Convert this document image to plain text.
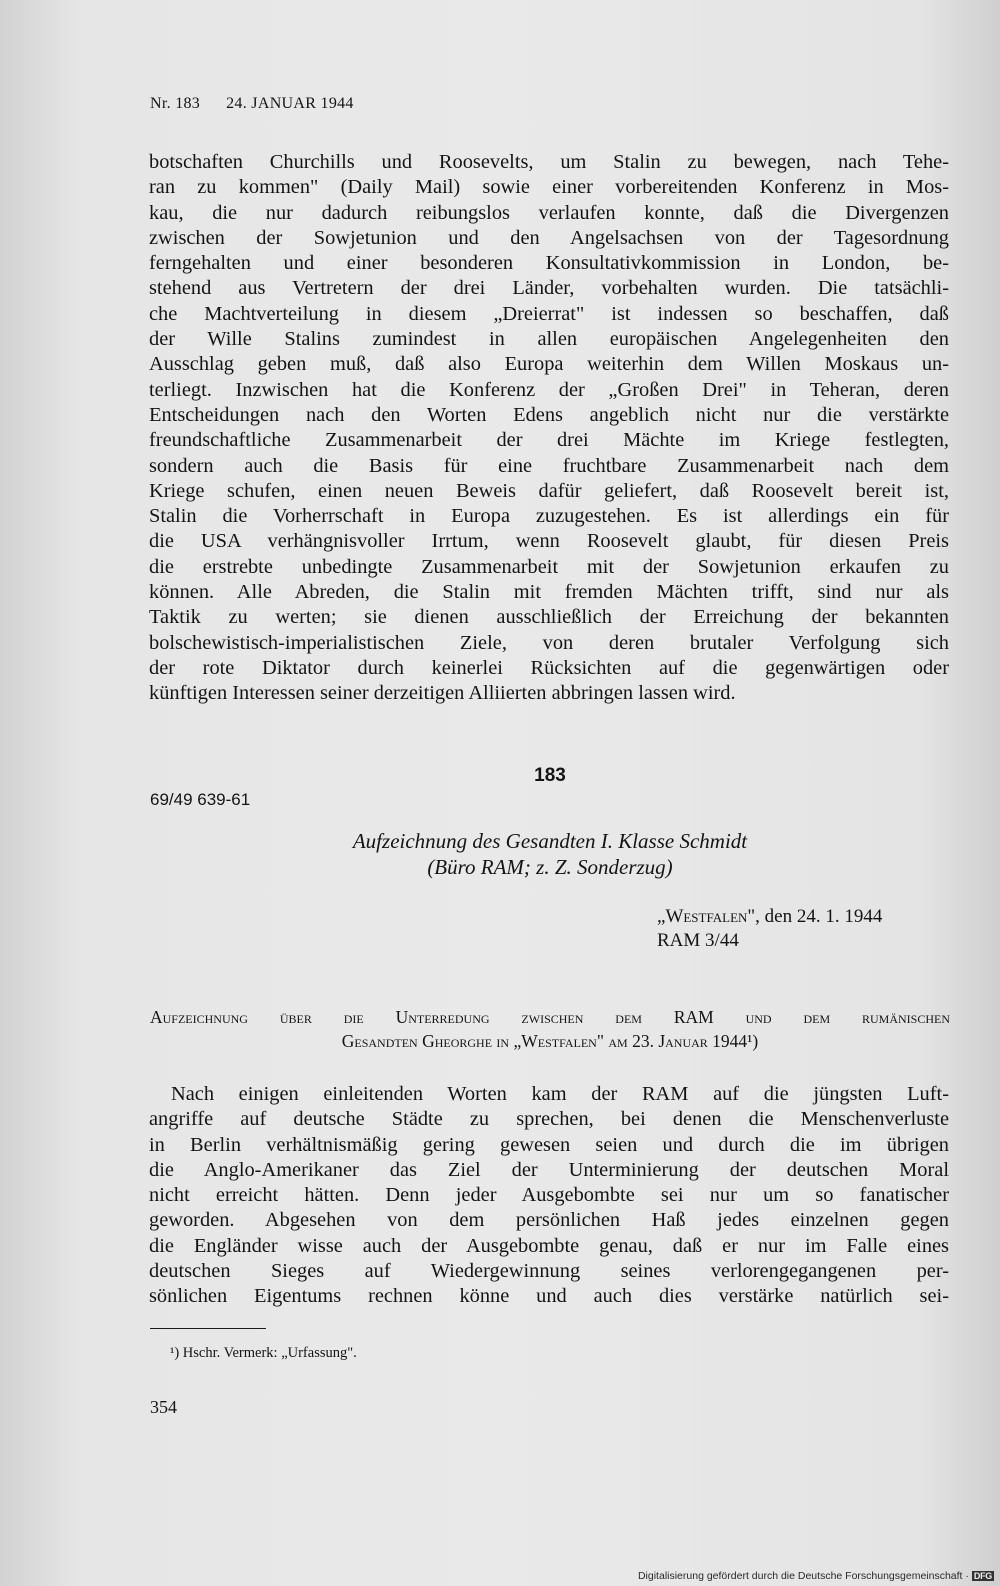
Nr. 183 24. JANUAR 1944
botschaften Churchills und Roosevelts, um Stalin zu bewegen, nach Tehe-
ran zu kommen" (Daily Mail) sowie einer vorbereitenden Konferenz in Mos-
kau, die nur dadurch reibungslos verlaufen konnte, daß die Divergenzen
zwischen der Sowjetunion und den Angelsachsen von der Tagesordnung
ferngehalten und einer besonderen Konsultativkommission in London, be-
stehend aus Vertretern der drei Länder, vorbehalten wurden. Die tatsächli-
che Machtverteilung in diesem „Dreierrat" ist indessen so beschaffen, daß
der Wille Stalins zumindest in allen europäischen Angelegenheiten den
Ausschlag geben muß, daß also Europa weiterhin dem Willen Moskaus un-
terliegt. Inzwischen hat die Konferenz der „Großen Drei" in Teheran, deren
Entscheidungen nach den Worten Edens angeblich nicht nur die verstärkte
freundschaftliche Zusammenarbeit der drei Mächte im Kriege festlegten,
sondern auch die Basis für eine fruchtbare Zusammenarbeit nach dem
Kriege schufen, einen neuen Beweis dafür geliefert, daß Roosevelt bereit ist,
Stalin die Vorherrschaft in Europa zuzugestehen. Es ist allerdings ein für
die USA verhängnisvoller Irrtum, wenn Roosevelt glaubt, für diesen Preis
die erstrebte unbedingte Zusammenarbeit mit der Sowjetunion erkaufen zu
können. Alle Abreden, die Stalin mit fremden Mächten trifft, sind nur als
Taktik zu werten; sie dienen ausschließlich der Erreichung der bekannten
bolschewistisch-imperialistischen Ziele, von deren brutaler Verfolgung sich
der rote Diktator durch keinerlei Rücksichten auf die gegenwärtigen oder
künftigen Interessen seiner derzeitigen Alliierten abbringen lassen wird.
183
69/49 639-61
Aufzeichnung des Gesandten I. Klasse Schmidt
(Büro RAM; z. Z. Sonderzug)
„Westfalen", den 24. 1. 1944
RAM 3/44
Aufzeichnung über die Unterredung zwischen dem RAM und dem rumänischen
Gesandten Gheorghe in „Westfalen" am 23. Januar 1944¹)
Nach einigen einleitenden Worten kam der RAM auf die jüngsten Luft-
angriffe auf deutsche Städte zu sprechen, bei denen die Menschenverluste
in Berlin verhältnismäßig gering gewesen seien und durch die im übrigen
die Anglo-Amerikaner das Ziel der Unterminierung der deutschen Moral
nicht erreicht hätten. Denn jeder Ausgebombte sei nur um so fanatischer
geworden. Abgesehen von dem persönlichen Haß jedes einzelnen gegen
die Engländer wisse auch der Ausgebombte genau, daß er nur im Falle eines
deutschen Sieges auf Wiedergewinnung seines verlorengegangenen per-
sönlichen Eigentums rechnen könne und auch dies verstärke natürlich sei-
¹) Hschr. Vermerk: „Urfassung".
354
Digitalisierung gefördert durch die Deutsche Forschungsgemeinschaft · DFG
